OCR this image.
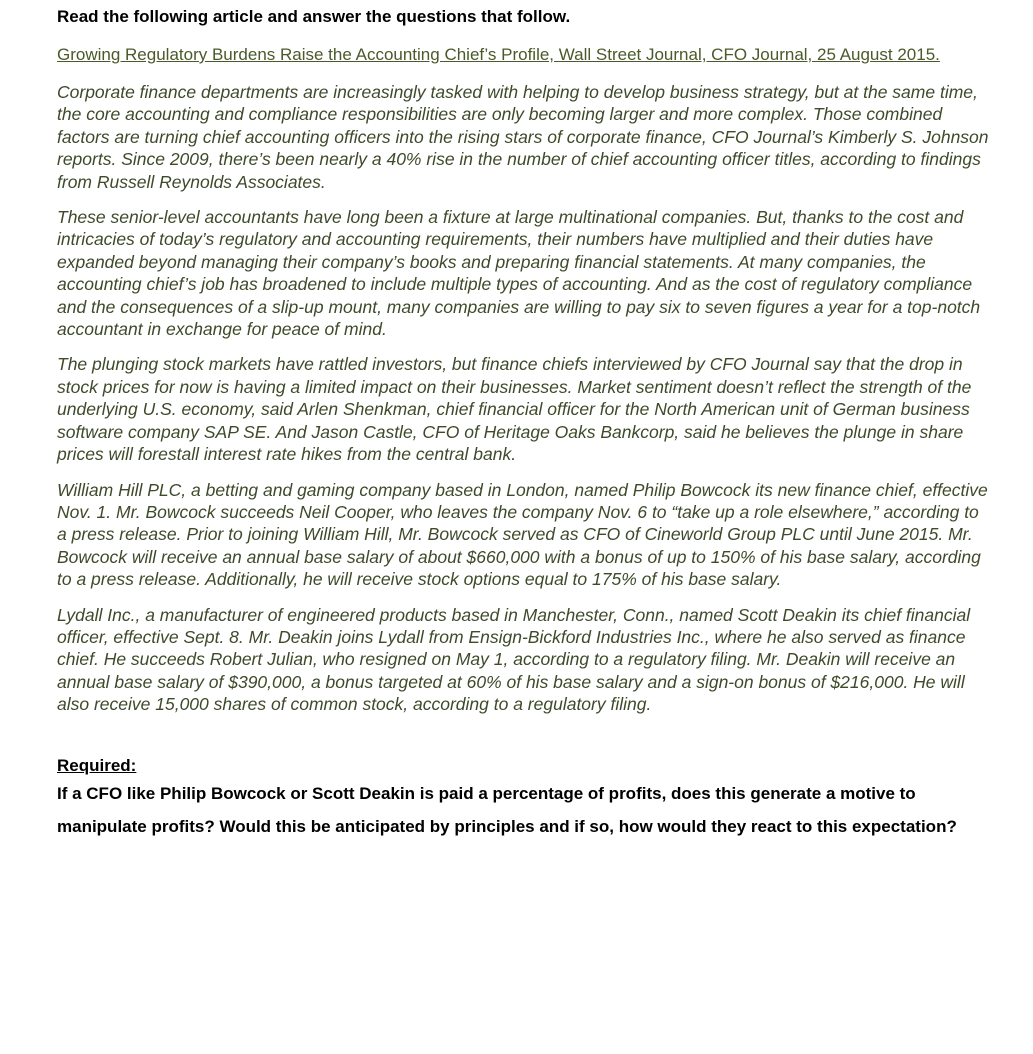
Read the following article and answer the questions that follow.

Growing Regulatory Burdens Raise the Accounting Chief’s Profile, Wall Street Journal, CFO Journal, 25 August 2015.

Corporate finance departments are increasingly tasked with helping to develop business strategy, but at the same time, the core accounting and compliance responsibilities are only becoming larger and more complex. Those combined factors are turning chief accounting officers into the rising stars of corporate finance, CFO Journal’s Kimberly S. Johnson reports. Since 2009, there’s been nearly a 40% rise in the number of chief accounting officer titles, according to findings from Russell Reynolds Associates.

These senior-level accountants have long been a fixture at large multinational companies. But, thanks to the cost and intricacies of today’s regulatory and accounting requirements, their numbers have multiplied and their duties have expanded beyond managing their company’s books and preparing financial statements. At many companies, the accounting chief’s job has broadened to include multiple types of accounting. And as the cost of regulatory compliance and the consequences of a slip-up mount, many companies are willing to pay six to seven figures a year for a top-notch accountant in exchange for peace of mind.

The plunging stock markets have rattled investors, but finance chiefs interviewed by CFO Journal say that the drop in stock prices for now is having a limited impact on their businesses. Market sentiment doesn’t reflect the strength of the underlying U.S. economy, said Arlen Shenkman, chief financial officer for the North American unit of German business software company SAP SE. And Jason Castle, CFO of Heritage Oaks Bankcorp, said he believes the plunge in share prices will forestall interest rate hikes from the central bank.

William Hill PLC, a betting and gaming company based in London, named Philip Bowcock its new finance chief, effective Nov. 1. Mr. Bowcock succeeds Neil Cooper, who leaves the company Nov. 6 to “take up a role elsewhere,” according to a press release. Prior to joining William Hill, Mr. Bowcock served as CFO of Cineworld Group PLC until June 2015. Mr. Bowcock will receive an annual base salary of about $660,000 with a bonus of up to 150% of his base salary, according to a press release. Additionally, he will receive stock options equal to 175% of his base salary.

Lydall Inc., a manufacturer of engineered products based in Manchester, Conn., named Scott Deakin its chief financial officer, effective Sept. 8. Mr. Deakin joins Lydall from Ensign-Bickford Industries Inc., where he also served as finance chief. He succeeds Robert Julian, who resigned on May 1, according to a regulatory filing. Mr. Deakin will receive an annual base salary of $390,000, a bonus targeted at 60% of his base salary and a sign-on bonus of $216,000. He will also receive 15,000 shares of common stock, according to a regulatory filing.

Required:

If a CFO like Philip Bowcock or Scott Deakin is paid a percentage of profits, does this generate a motive to manipulate profits? Would this be anticipated by principles and if so, how would they react to this expectation?
